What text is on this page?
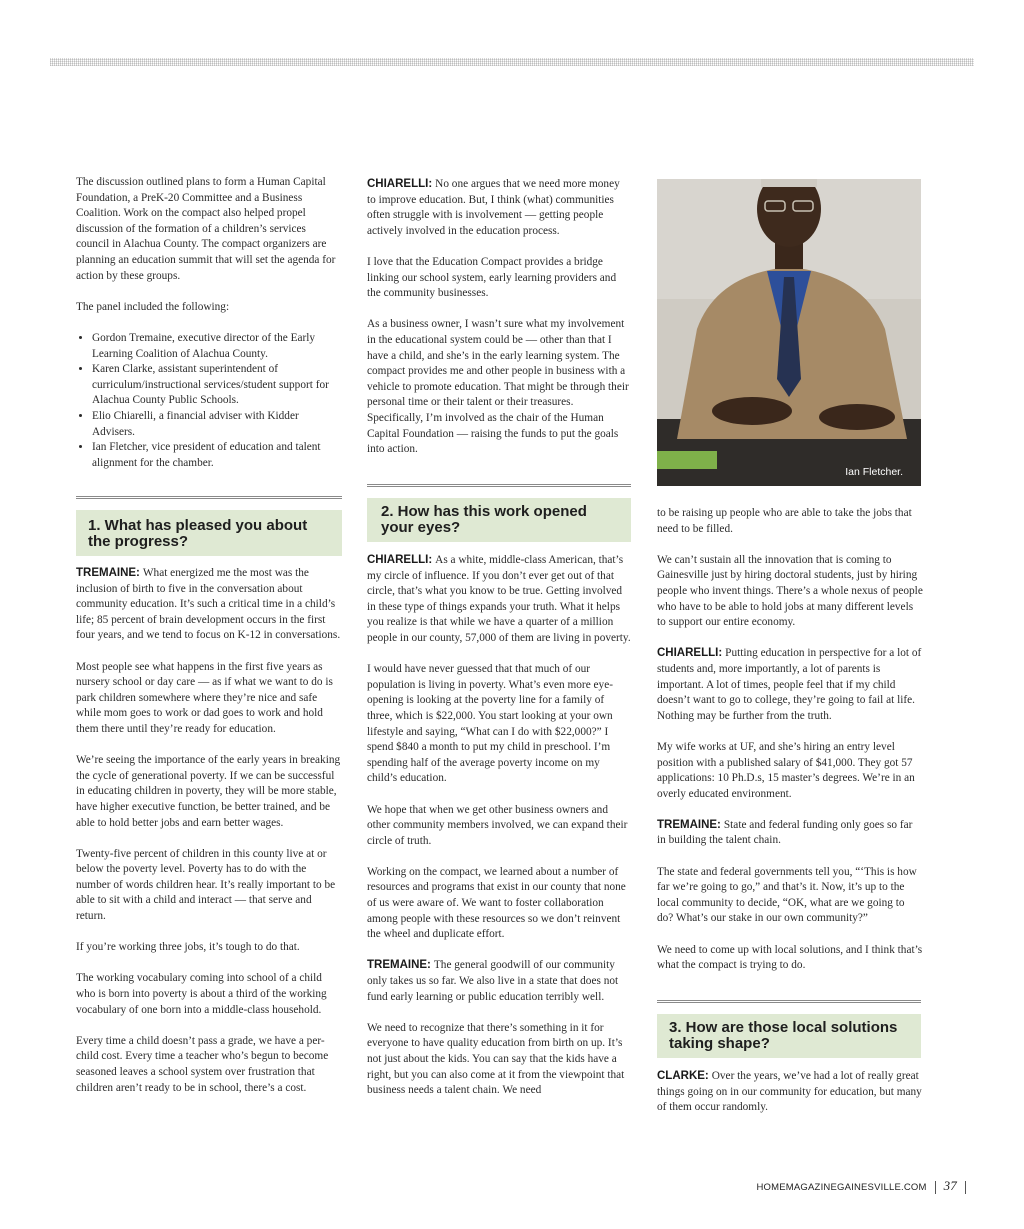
The discussion outlined plans to form a Human Capital Foundation, a PreK-20 Committee and a Business Coalition. Work on the compact also helped propel discussion of the formation of a children’s services council in Alachua County. The compact organizers are planning an education summit that will set the agenda for action by these groups.

The panel included the following:

• Gordon Tremaine, executive director of the Early Learning Coalition of Alachua County.
• Karen Clarke, assistant superintendent of curriculum/instructional services/student support for Alachua County Public Schools.
• Elio Chiarelli, a financial adviser with Kidder Advisers.
• Ian Fletcher, vice president of education and talent alignment for the chamber.
1. What has pleased you about the progress?

TREMAINE: What energized me the most was the inclusion of birth to five in the conversation about community education. It’s such a critical time in a child’s life; 85 percent of brain development occurs in the first four years, and we tend to focus on K-12 in conversations.

Most people see what happens in the first five years as nursery school or day care — as if what we want to do is park children somewhere where they’re nice and safe while mom goes to work or dad goes to work and hold them there until they’re ready for education.

We’re seeing the importance of the early years in breaking the cycle of generational poverty. If we can be successful in educating children in poverty, they will be more stable, have higher executive function, be better trained, and be able to hold better jobs and earn better wages.

Twenty-five percent of children in this county live at or below the poverty level. Poverty has to do with the number of words children hear. It’s really important to be able to sit with a child and interact — that serve and return.

If you’re working three jobs, it’s tough to do that.

The working vocabulary coming into school of a child who is born into poverty is about a third of the working vocabulary of one born into a middle-class household.

Every time a child doesn’t pass a grade, we have a per-child cost. Every time a teacher who’s begun to become seasoned leaves a school system over frustration that children aren’t ready to be in school, there’s a cost.

CHIARELLI: No one argues that we need more money to improve education. But, I think (what) communities often struggle with is involvement — getting people actively involved in the education process.

I love that the Education Compact provides a bridge linking our school system, early learning providers and the community businesses.

As a business owner, I wasn’t sure what my involvement in the educational system could be — other than that I have a child, and she’s in the early learning system. The compact provides me and other people in business with a vehicle to promote education. That might be through their personal time or their talent or their treasures. Specifically, I’m involved as the chair of the Human Capital Foundation — raising the funds to put the goals into action.

2. How has this work opened your eyes?

CHIARELLI: As a white, middle-class American, that’s my circle of influence. If you don’t ever get out of that circle, that’s what you know to be true. Getting involved in these type of things expands your truth. What it helps you realize is that while we have a quarter of a million people in our county, 57,000 of them are living in poverty.

I would have never guessed that that much of our population is living in poverty. What’s even more eye-opening is looking at the poverty line for a family of three, which is $22,000. You start looking at your own lifestyle and saying, “What can I do with $22,000?” I spend $840 a month to put my child in preschool. I’m spending half of the average poverty income on my child’s education.

We hope that when we get other business owners and other community members involved, we can expand their circle of truth.

Working on the compact, we learned about a number of resources and programs that exist in our county that none of us were aware of. We want to foster collaboration among people with these resources so we don’t reinvent the wheel and duplicate effort.

TREMAINE: The general goodwill of our community only takes us so far. We also live in a state that does not fund early learning or public education terribly well.

We need to recognize that there’s something in it for everyone to have quality education from birth on up. It’s not just about the kids. You can say that the kids have a right, but you can also come at it from the viewpoint that business needs a talent chain. We need

Ian Fletcher.

to be raising up people who are able to take the jobs that need to be filled.

We can’t sustain all the innovation that is coming to Gainesville just by hiring doctoral students, just by hiring people who invent things. There’s a whole nexus of people who have to be able to hold jobs at many different levels to support our entire economy.

CHIARELLI: Putting education in perspective for a lot of students and, more importantly, a lot of parents is important. A lot of times, people feel that if my child doesn’t want to go to college, they’re going to fail at life. Nothing may be further from the truth.

My wife works at UF, and she’s hiring an entry level position with a published salary of $41,000. They got 57 applications: 10 Ph.D.s, 15 master’s degrees. We’re in an overly educated environment.

TREMAINE: State and federal funding only goes so far in building the talent chain.

The state and federal governments tell you, “‘This is how far we’re going to go,” and that’s it. Now, it’s up to the local community to decide, “OK, what are we going to do? What’s our stake in our own community?”

We need to come up with local solutions, and I think that’s what the compact is trying to do.

3. How are those local solutions taking shape?

CLARKE: Over the years, we’ve had a lot of really great things going on in our community for education, but many of them occur randomly.

HOMEMAGAZINEGAINESVILLE.COM 37
